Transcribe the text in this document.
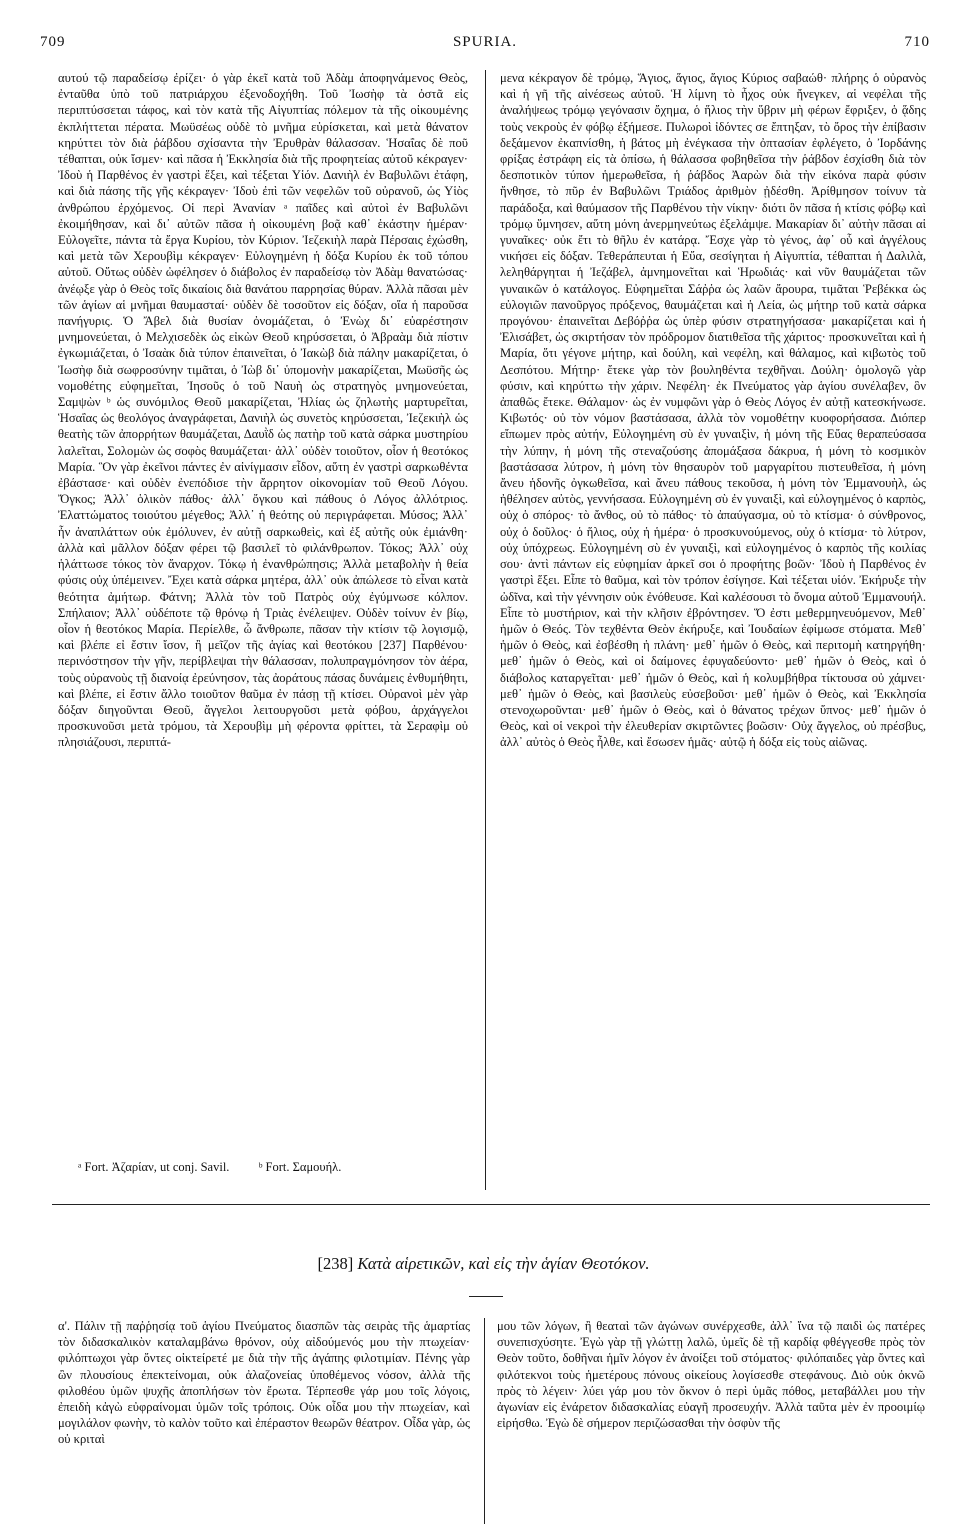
709	SPURIA.	710

αυτού τῷ παραδείσῳ ἐρίζει· ὁ γὰρ ἐκεῖ κατὰ τοῦ Ἀδὰμ ἀποφηνάμενος Θεὸς, ἐνταῦθα ὑπὸ τοῦ πατριάρχου ἐξενοδοχήθη. Τοῦ Ἰωσὴφ τὰ ὀστᾶ εἰς περιπτύσσεται τάφος, καὶ τὸν κατὰ τῆς Αἰγυπτίας πόλεμον τὰ τῆς οἰκουμένης ἐκπλήττεται πέρατα. Μωϋσέως οὐδὲ τὸ μνῆμα εὑρίσκεται, καὶ μετὰ θάνατον κηρύττει τὸν διὰ ῥάβδου σχίσαντα τὴν Ἐρυθρὰν θάλασσαν. Ἡσαΐας δὲ ποῦ τέθαπται, οὐκ ἴσμεν· καὶ πᾶσα ἡ Ἐκκλησία διὰ τῆς προφητείας αὐτοῦ κέκραγεν· Ἰδοὺ ἡ Παρθένος ἐν γαστρὶ ἕξει, καὶ τέξεται Υἱόν. Δανιὴλ ἐν Βαβυλῶνι ἐτάφη, καὶ διὰ πάσης τῆς γῆς κέκραγεν· Ἰδοὺ ἐπὶ τῶν νεφελῶν τοῦ οὐρανοῦ, ὡς Υἱὸς ἀνθρώπου ἐρχόμενος. Οἱ περὶ Ἀνανίαν ᵃ παῖδες καὶ αὐτοὶ ἐν Βαβυλῶνι ἐκοιμήθησαν, καὶ δι᾽ αὐτῶν πᾶσα ἡ οἰκουμένη βοᾷ καθ᾽ ἑκάστην ἡμέραν· Εὐλογεῖτε, πάντα τὰ ἔργα Κυρίου, τὸν Κύριον. Ἰεζεκιὴλ παρὰ Πέρσαις ἐχώσθη, καὶ μετὰ τῶν Χερουβὶμ κέκραγεν· Εὐλογημένη ἡ δόξα Κυρίου ἐκ τοῦ τόπου αὐτοῦ. Οὕτως οὐδὲν ὠφέλησεν ὁ διάβολος ἐν παραδείσῳ τὸν Ἀδὰμ θανατώσας· ἀνέῳξε γὰρ ὁ Θεὸς τοῖς δικαίοις διὰ θανάτου παρρησίας θύραν. Ἀλλὰ πᾶσαι μὲν τῶν ἁγίων αἱ μνῆμαι θαυμασταί· οὐδὲν δὲ τοσοῦτον εἰς δόξαν, οἵα ἡ παροῦσα πανήγυρις. Ὁ Ἄβελ διὰ θυσίαν ὀνομάζεται, ὁ Ἐνὼχ δι᾽ εὐαρέστησιν μνημονεύεται, ὁ Μελχισεδὲκ ὡς εἰκὼν Θεοῦ κηρύσσεται, ὁ Ἀβραὰμ διὰ πίστιν ἐγκωμιάζεται, ὁ Ἰσαὰκ διὰ τύπον ἐπαινεῖται, ὁ Ἰακὼβ διὰ πάλην μακαρίζεται, ὁ Ἰωσὴφ διὰ σωφροσύνην τιμᾶται, ὁ Ἰὼβ δι᾽ ὑπομονὴν μακαρίζεται, Μωϋσῆς ὡς νομοθέτης εὐφημεῖται, Ἰησοῦς ὁ τοῦ Ναυὴ ὡς στρατηγὸς μνημονεύεται, Σαμψὼν ᵇ ὡς συνόμιλος Θεοῦ μακαρίζεται, Ἠλίας ὡς ζηλωτὴς μαρτυρεῖται, Ἡσαΐας ὡς θεολόγος ἀναγράφεται, Δανιὴλ ὡς συνετὸς κηρύσσεται, Ἰεζεκιὴλ ὡς θεατὴς τῶν ἀπορρήτων θαυμάζεται, Δαυῒδ ὡς πατὴρ τοῦ κατὰ σάρκα μυστηρίου λαλεῖται, Σολομὼν ὡς σοφὸς θαυμάζεται· ἀλλ᾽ οὐδὲν τοιοῦτον, οἷον ἡ θεοτόκος Μαρία. Ὃν γὰρ ἐκεῖνοι πάντες ἐν αἰνίγμασιν εἶδον, αὕτη ἐν γαστρὶ σαρκωθέντα ἐβάστασε· καὶ οὐδὲν ἐνεπόδισε τὴν ἄρρητον οἰκονομίαν τοῦ Θεοῦ Λόγου. Ὄγκος; Ἀλλ᾽ ὁλικὸν πάθος· ἀλλ᾽ ὄγκου καὶ πάθους ὁ Λόγος ἀλλότριος. Ἐλαττώματος τοιούτου μέγεθος; Ἀλλ᾽ ἡ θεότης οὐ περιγράφεται. Μύσος; Ἀλλ᾽ ἦν ἀναπλάττων οὐκ ἐμόλυνεν, ἐν αὐτῇ σαρκωθεὶς, καὶ ἐξ αὐτῆς οὐκ ἐμιάνθη· ἀλλὰ καὶ μᾶλλον δόξαν φέρει τῷ βασιλεῖ τὸ φιλάνθρωπον. Τόκος; Ἀλλ᾽ οὐχ ἡλάττωσε τόκος τὸν ἄναρχον. Τόκῳ ἡ ἐνανθρώπησις; Ἀλλὰ μεταβολὴν ἡ θεία φύσις οὐχ ὑπέμεινεν. Ἔχει κατὰ σάρκα μητέρα, ἀλλ᾽ οὐκ ἀπώλεσε τὸ εἶναι κατὰ θεότητα ἀμήτωρ. Φάτνη; Ἀλλὰ τὸν τοῦ Πατρὸς οὐχ ἐγύμνωσε κόλπον. Σπήλαιον; Ἀλλ᾽ οὐδέποτε τῷ θρόνῳ ἡ Τριὰς ἐνέλειψεν. Οὐδὲν τοίνυν ἐν βίῳ, οἷον ἡ θεοτόκος Μαρία. Περίελθε, ὦ ἄνθρωπε, πᾶσαν τὴν κτίσιν τῷ λογισμῷ, καὶ βλέπε εἰ ἔστιν ἴσον, ἢ μεῖζον τῆς ἁγίας καὶ θεοτόκου [237] Παρθένου· περινόστησον τὴν γῆν, περίβλεψαι τὴν θάλασσαν, πολυπραγμόνησον τὸν ἀέρα, τοὺς οὐρανοὺς τῇ διανοίᾳ ἐρεύνησον, τὰς ἀοράτους πάσας δυνάμεις ἐνθυμήθητι, καὶ βλέπε, εἰ ἔστιν ἄλλο τοιοῦτον θαῦμα ἐν πάσῃ τῇ κτίσει. Οὐρανοὶ μὲν γὰρ δόξαν διηγοῦνται Θεοῦ, ἄγγελοι λειτουργοῦσι μετὰ φόβου, ἀρχάγγελοι προσκυνοῦσι μετὰ τρόμου, τὰ Χερουβὶμ μὴ φέροντα φρίττει, τὰ Σεραφὶμ οὐ πλησιάζουσι, περιπτά-

μενα κέκραγον δὲ τρόμῳ, Ἅγιος, ἅγιος, ἅγιος Κύριος σαβαώθ· πλήρης ὁ οὐρανὸς καὶ ἡ γῆ τῆς αἰνέσεως αὐτοῦ. Ἡ λίμνη τὸ ἦχος οὐκ ἤνεγκεν, αἱ νεφέλαι τῆς ἀναλήψεως τρόμῳ γεγόνασιν ὄχημα, ὁ ἥλιος τὴν ὕβριν μὴ φέρων ἔφριξεν, ὁ ᾅδης τοὺς νεκροὺς ἐν φόβῳ ἐξήμεσε. Πυλωροὶ ἰδόντες σε ἔπτηξαν, τὸ ὄρος τὴν ἐπίβασιν δεξάμενον ἐκαπνίσθη, ἡ βάτος μὴ ἐνέγκασα τὴν ὀπτασίαν ἐφλέγετο, ὁ Ἰορδάνης φρίξας ἐστράφη εἰς τὰ ὀπίσω, ἡ θάλασσα φοβηθεῖσα τὴν ῥάβδον ἐσχίσθη διὰ τὸν δεσποτικὸν τύπον ἡμερωθεῖσα, ἡ ῥάβδος Ἀαρὼν διὰ τὴν εἰκόνα παρὰ φύσιν ἤνθησε, τὸ πῦρ ἐν Βαβυλῶνι Τριάδος ἀριθμὸν ᾐδέσθη. Ἀρίθμησον τοίνυν τὰ παράδοξα, καὶ θαύμασον τῆς Παρθένου τὴν νίκην· διότι ὃν πᾶσα ἡ κτίσις φόβῳ καὶ τρόμῳ ὕμνησεν, αὕτη μόνη ἀνερμηνεύτως ἐξελάμψε. Μακαρίαν δι᾽ αὐτὴν πᾶσαι αἱ γυναῖκες· οὐκ ἔτι τὸ θῆλυ ἐν κατάρᾳ. Ἔσχε γὰρ τὸ γένος, ἀφ᾽ οὗ καὶ ἀγγέλους νικήσει εἰς δόξαν. Τεθεράπευται ἡ Εὔα, σεσίγηται ἡ Αἰγυπτία, τέθαπται ἡ Δαλιλὰ, λεληθάργηται ἡ Ἰεζάβελ, ἀμνημονεῖται καὶ Ἡρωδιάς· καὶ νῦν θαυμάζεται τῶν γυναικῶν ὁ κατάλογος. Εὐφημεῖται Σάῤῥα ὡς λαῶν ἄρουρα, τιμᾶται Ῥεβέκκα ὡς εὐλογιῶν πανοῦργος πρόξενος, θαυμάζεται καὶ ἡ Λεία, ὡς μήτηρ τοῦ κατὰ σάρκα προγόνου· ἐπαινεῖται Δεβόῤῥα ὡς ὑπὲρ φύσιν στρατηγήσασα· μακαρίζεται καὶ ἡ Ἐλισάβετ, ὡς σκιρτήσαν τὸν πρόδρομον διατιθεῖσα τῆς χάριτος· προσκυνεῖται καὶ ἡ Μαρία, ὅτι γέγονε μήτηρ, καὶ δούλη, καὶ νεφέλη, καὶ θάλαμος, καὶ κιβωτὸς τοῦ Δεσπότου. Μήτηρ· ἔτεκε γὰρ τὸν βουληθέντα τεχθῆναι. Δούλη· ὁμολογῶ γὰρ φύσιν, καὶ κηρύττω τὴν χάριν. Νεφέλη· ἐκ Πνεύματος γὰρ ἁγίου συνέλαβεν, ὃν ἀπαθῶς ἔτεκε. Θάλαμον· ὡς ἐν νυμφῶνι γὰρ ὁ Θεὸς Λόγος ἐν αὐτῇ κατεσκήνωσε. Κιβωτός· οὐ τὸν νόμον βαστάσασα, ἀλλὰ τὸν νομοθέτην κυοφορήσασα. Διόπερ εἴπωμεν πρὸς αὐτήν, Εὐλογημένη σὺ ἐν γυναιξὶν, ἡ μόνη τῆς Εὔας θεραπεύσασα τὴν λύπην, ἡ μόνη τῆς στεναζούσης ἀπομάξασα δάκρυα, ἡ μόνη τὸ κοσμικὸν βαστάσασα λύτρον, ἡ μόνη τὸν θησαυρὸν τοῦ μαργαρίτου πιστευθεῖσα, ἡ μόνη ἄνευ ἡδονῆς ὀγκωθεῖσα, καὶ ἄνευ πάθους τεκοῦσα, ἡ μόνη τὸν Ἐμμανουὴλ, ὡς ἠθέλησεν αὐτὸς, γεννήσασα. Εὐλογημένη σὺ ἐν γυναιξὶ, καὶ εὐλογημένος ὁ καρπὸς, οὐχ ὁ σπόρος· τὸ ἄνθος, οὐ τὸ πάθος· τὸ ἀπαύγασμα, οὐ τὸ κτίσμα· ὁ σύνθρονος, οὐχ ὁ δοῦλος· ὁ ἥλιος, οὐχ ἡ ἡμέρα· ὁ προσκυνούμενος, οὐχ ὁ κτίσμα· τὸ λύτρον, οὐχ ὑπόχρεως. Εὐλογημένη σὺ ἐν γυναιξὶ, καὶ εὐλογημένος ὁ καρπὸς τῆς κοιλίας σου· ἀντὶ πάντων εἰς εὐφημίαν ἀρκεῖ σοι ὁ προφήτης βοῶν· Ἰδοὺ ἡ Παρθένος ἐν γαστρὶ ἕξει. Εἶπε τὸ θαῦμα, καὶ τὸν τρόπον ἐσίγησε. Καὶ τέξεται υἱόν. Ἐκήρυξε τὴν ὠδῖνα, καὶ τὴν γέννησιν οὐκ ἐνόθευσε. Καὶ καλέσουσι τὸ ὄνομα αὐτοῦ Ἐμμανουήλ. Εἶπε τὸ μυστήριον, καὶ τὴν κλῆσιν ἐβρόντησεν. Ὅ ἐστι μεθερμηνευόμενον, Μεθ᾽ ἡμῶν ὁ Θεός. Τὸν τεχθέντα Θεὸν ἐκήρυξε, καὶ Ἰουδαίων ἐφίμωσε στόματα. Μεθ᾽ ἡμῶν ὁ Θεὸς, καὶ ἐσβέσθη ἡ πλάνη· μεθ᾽ ἡμῶν ὁ Θεὸς, καὶ περιτομὴ κατηργήθη· μεθ᾽ ἡμῶν ὁ Θεὸς, καὶ οἱ δαίμονες ἐφυγαδεύοντο· μεθ᾽ ἡμῶν ὁ Θεὸς, καὶ ὁ διάβολος καταργεῖται· μεθ᾽ ἡμῶν ὁ Θεὸς, καὶ ἡ κολυμβήθρα τίκτουσα οὐ χάμνει· μεθ᾽ ἡμῶν ὁ Θεὸς, καὶ βασιλεὺς εὐσεβοῦσι· μεθ᾽ ἡμῶν ὁ Θεὸς, καὶ Ἐκκλησία στενοχωροῦνται· μεθ᾽ ἡμῶν ὁ Θεὸς, καὶ ὁ θάνατος τρέχων ὕπνος· μεθ᾽ ἡμῶν ὁ Θεὸς, καὶ οἱ νεκροὶ τὴν ἐλευθερίαν σκιρτῶντες βοῶσιν· Οὐχ ἄγγελος, οὐ πρέσβυς, ἀλλ᾽ αὐτὸς ὁ Θεὸς ἦλθε, καὶ ἔσωσεν ἡμᾶς· αὐτῷ ἡ δόξα εἰς τοὺς αἰῶνας.

ᵃ Fort. Ἀζαρίαν, ut conj. Savil. ᵇ Fort. Σαμουήλ.
[238] Κατὰ αἱρετικῶν, καὶ εἰς τὴν ἁγίαν Θεοτόκον.

α'. Πάλιν τῇ παῤῥησίᾳ τοῦ ἁγίου Πνεύματος διασπῶν τὰς σειρὰς τῆς ἁμαρτίας τὸν διδασκαλικὸν καταλαμβάνω θρόνον, οὐχ αἰδούμενός μου τὴν πτωχείαν· φιλόπτωχοι γὰρ ὄντες οἰκτείρετέ με διὰ τὴν τῆς ἀγάπης φιλοτιμίαν. Πένης γὰρ ὢν πλουσίους ἐπεκτείνομαι, οὐκ ἀλαζονείας ὑποθέμενος νόσον, ἀλλὰ τῆς φιλοθέου ὑμῶν ψυχῆς ἀποπλήσων τὸν ἔρωτα. Τέρπεσθε γάρ μου τοῖς λόγοις, ἐπειδὴ κἀγὼ εὐφραίνομαι ὑμῶν τοῖς τρόποις. Οὐκ οἶδα μου τὴν πτωχείαν, καὶ μογιλάλον φωνὴν, τὸ καλὸν τοῦτο καὶ ἐπέραστον θεωρῶν θέατρον. Οἶδα γὰρ, ὡς οὐ κριταὶ

μου τῶν λόγων, ἢ θεαταὶ τῶν ἀγώνων συνέρχεσθε, ἀλλ᾽ ἵνα τῷ παιδὶ ὡς πατέρες συνεπισχύσητε. Ἐγὼ γὰρ τῇ γλώττῃ λαλῶ, ὑμεῖς δὲ τῇ καρδίᾳ φθέγγεσθε πρὸς τὸν Θεὸν τοῦτο, δοθῆναι ἡμῖν λόγον ἐν ἀνοίξει τοῦ στόματος· φιλόπαιδες γὰρ ὄντες καὶ φιλότεκνοι τοὺς ἡμετέρους πόνους οἰκείους λογίσεσθε στεφάνους. Διὸ οὐκ ὀκνῶ πρὸς τὸ λέγειν· λύει γάρ μου τὸν ὄκνον ὁ περὶ ὑμᾶς πόθος, μεταβάλλει μου τὴν ἀγωνίαν εἰς ἐνάρετον διδασκαλίας εὐαγῆ προσευχήν. Ἀλλὰ ταῦτα μὲν ἐν προοιμίῳ εἰρήσθω. Ἐγὼ δὲ σήμερον περιζώσασθαι τὴν ὀσφὺν τῆς
